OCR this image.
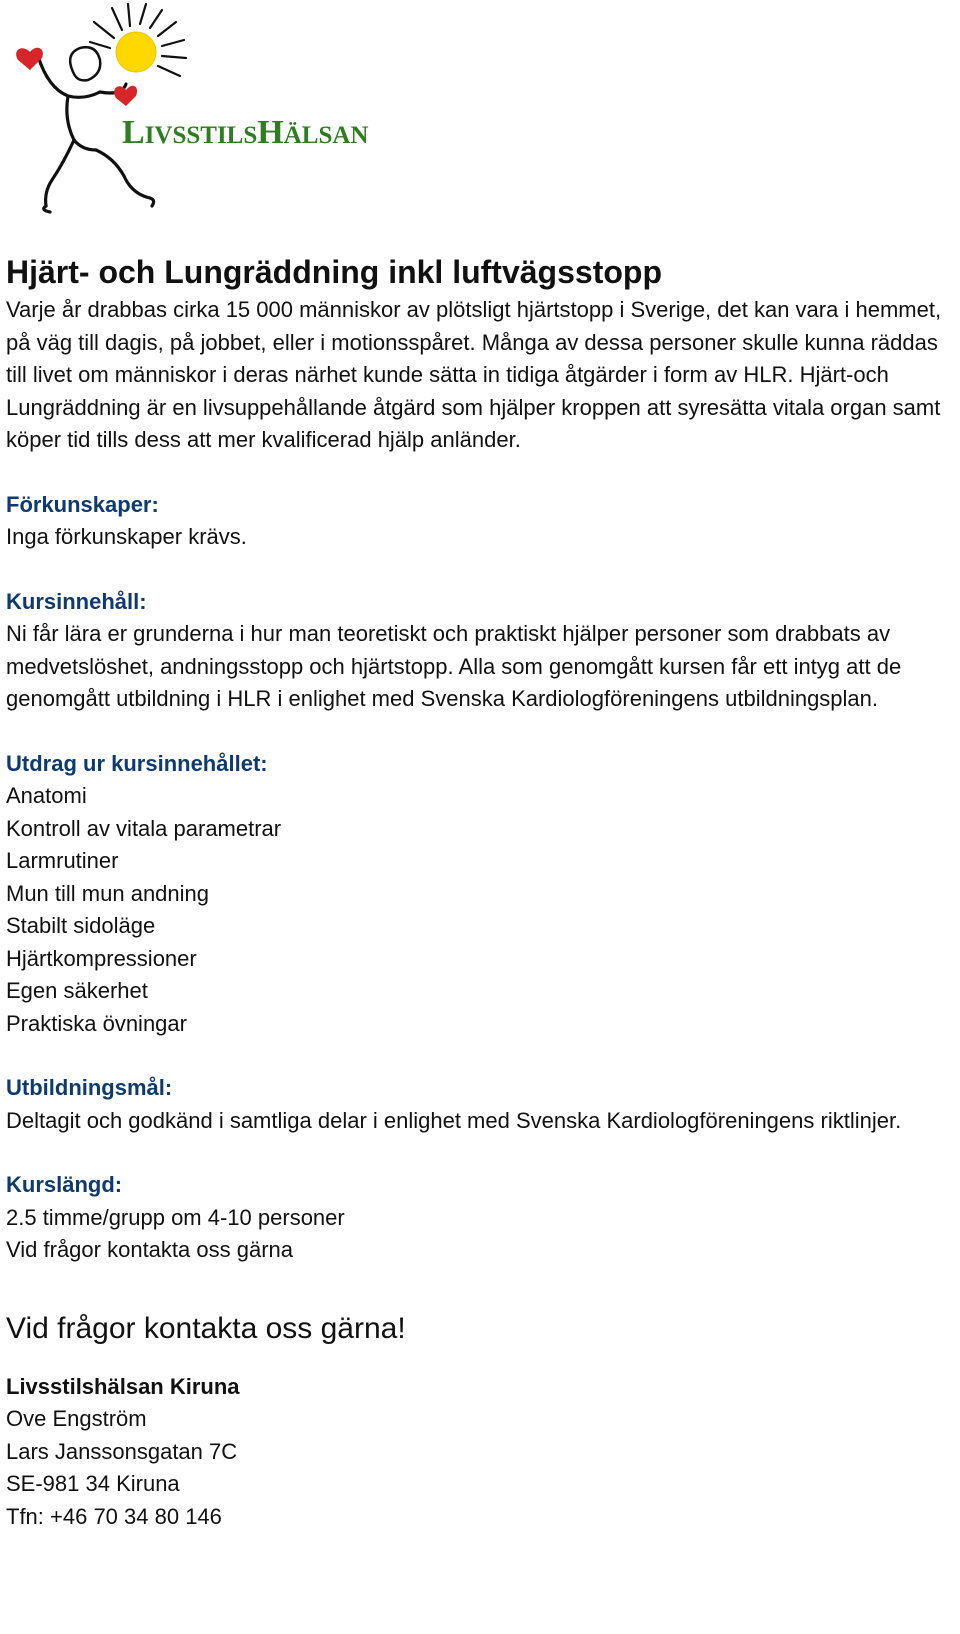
LIVSSTILSHÄLSAN
Hjärt- och Lungräddning inkl luftvägsstopp

Varje år drabbas cirka 15 000 människor av plötsligt hjärtstopp i Sverige, det kan vara i hemmet, på väg till dagis, på jobbet, eller i motionsspåret. Många av dessa personer skulle kunna räddas till livet om människor i deras närhet kunde sätta in tidiga åtgärder i form av HLR. Hjärt-och Lungräddning är en livsuppehållande åtgärd som hjälper kroppen att syresätta vitala organ samt köper tid tills dess att mer kvalificerad hjälp anländer.

Förkunskaper:

Inga förkunskaper krävs.

Kursinnehåll:

Ni får lära er grunderna i hur man teoretiskt och praktiskt hjälper personer som drabbats av medvetslöshet, andningsstopp och hjärtstopp. Alla som genomgått kursen får ett intyg att de genomgått utbildning i HLR i enlighet med Svenska Kardiologföreningens utbildningsplan.

Utdrag ur kursinnehållet:

Anatomi
Kontroll av vitala parametrar
Larmrutiner
Mun till mun andning
Stabilt sidoläge
Hjärtkompressioner
Egen säkerhet
Praktiska övningar

Utbildningsmål:

Deltagit och godkänd i samtliga delar i enlighet med Svenska Kardiologföreningens riktlinjer.

Kurslängd:

2.5 timme/grupp om 4-10 personer

Vid frågor kontakta oss gärna

Vid frågor kontakta oss gärna!

Livsstilshälsan Kiruna

Ove Engström

Lars Janssonsgatan 7C

SE-981 34 Kiruna

Tfn: +46 70 34 80 146
